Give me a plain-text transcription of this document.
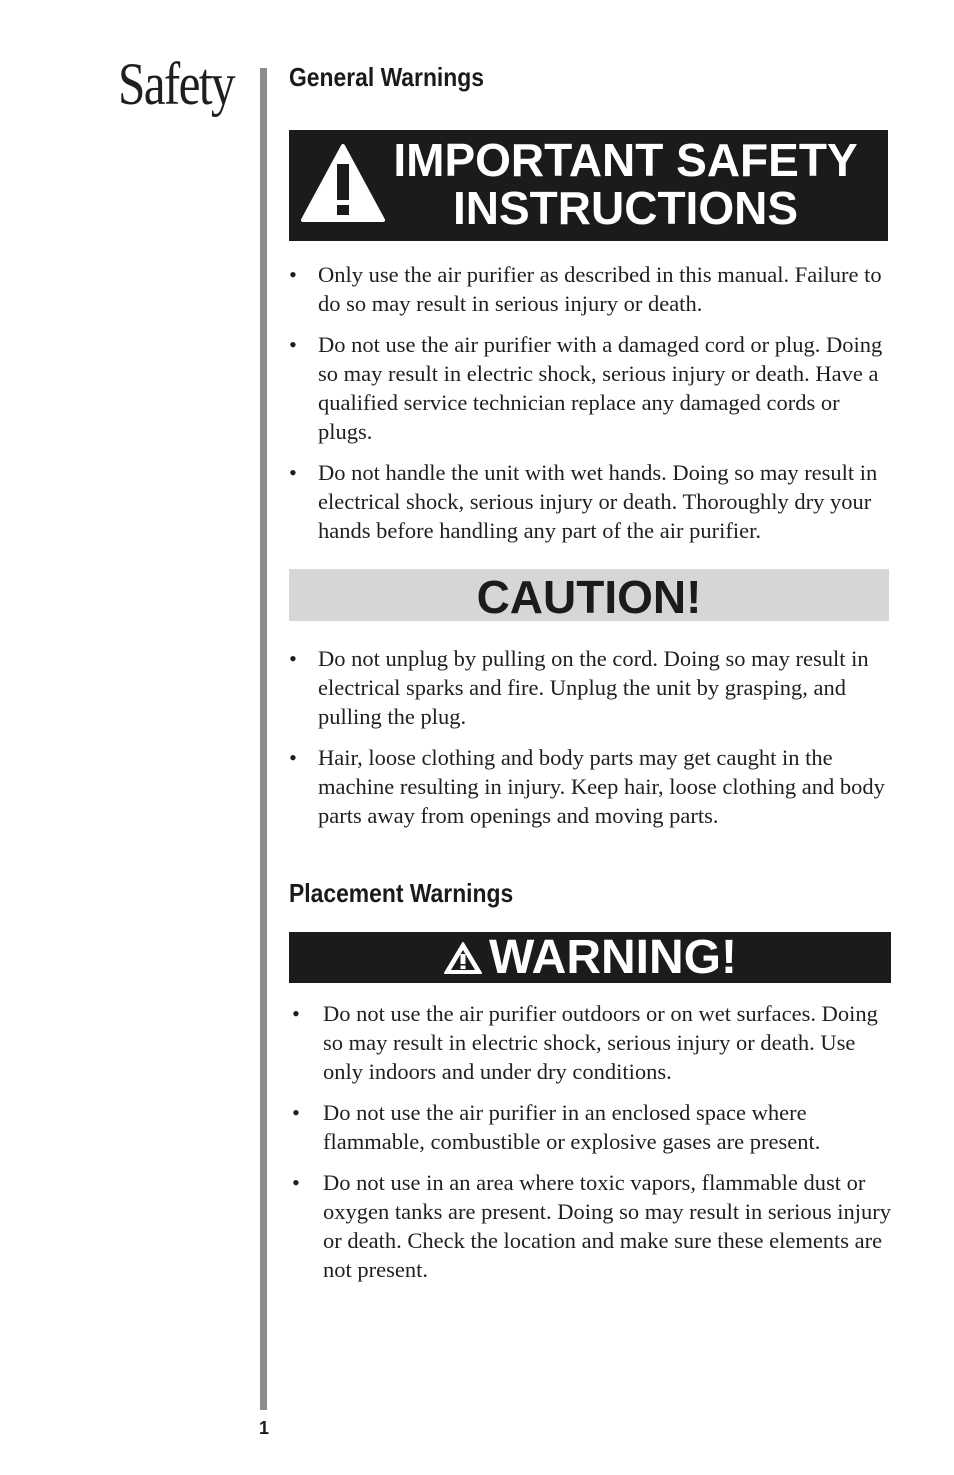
Safety General Warnings
IMPORTANT SAFETY
INSTRUCTIONS
• Only use the air purifier as described in this manual. Failure to do so may result in serious injury or death.
• Do not use the air purifier with a damaged cord or plug. Doing so may result in electric shock, serious injury or death. Have a qualified service technician replace any damaged cords or plugs.
• Do not handle the unit with wet hands. Doing so may result in electrical shock, serious injury or death. Thoroughly dry your hands before handling any part of the air purifier.
CAUTION!
• Do not unplug by pulling on the cord. Doing so may result in electrical sparks and fire. Unplug the unit by grasping, and pulling the plug.
• Hair, loose clothing and body parts may get caught in the machine resulting in injury. Keep hair, loose clothing and body parts away from openings and moving parts.
Placement Warnings
WARNING!
• Do not use the air purifier outdoors or on wet surfaces. Doing so may result in electric shock, serious injury or death. Use only indoors and under dry conditions.
• Do not use the air purifier in an enclosed space where flammable, combustible or explosive gases are present.
• Do not use in an area where toxic vapors, flammable dust or oxygen tanks are present. Doing so may result in serious injury or death. Check the location and make sure these elements are not present.
1
